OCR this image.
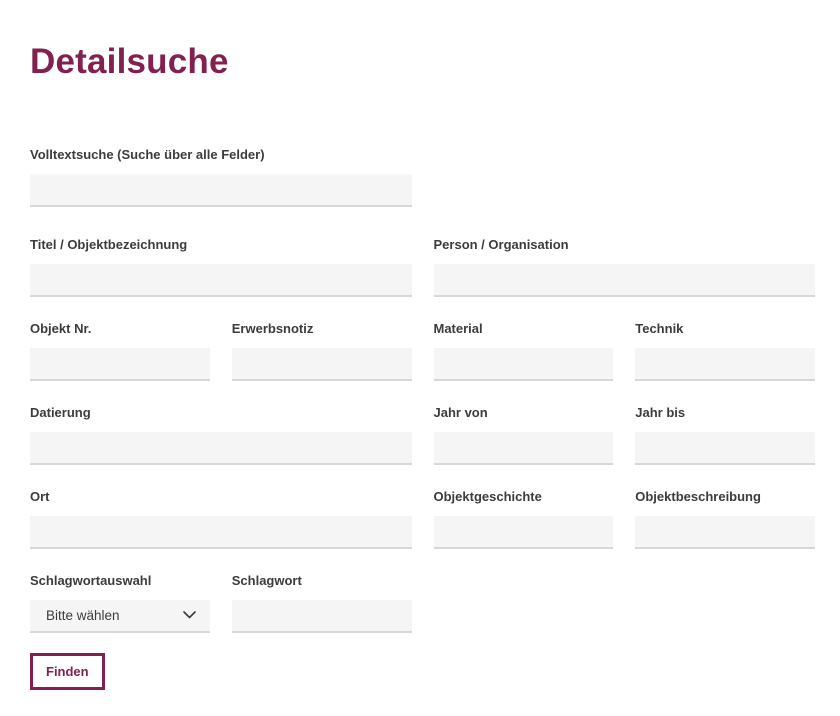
Detailsuche
Volltextsuche (Suche über alle Felder)
Titel / Objektbezeichnung	Person / Organisation
Objekt Nr.	Erwerbsnotiz	Material	Technik
Datierung	Jahr von	Jahr bis
Ort	Objektgeschichte	Objektbeschreibung
Schlagwortauswahl
Bitte wählen
Schlagwort
Finden
